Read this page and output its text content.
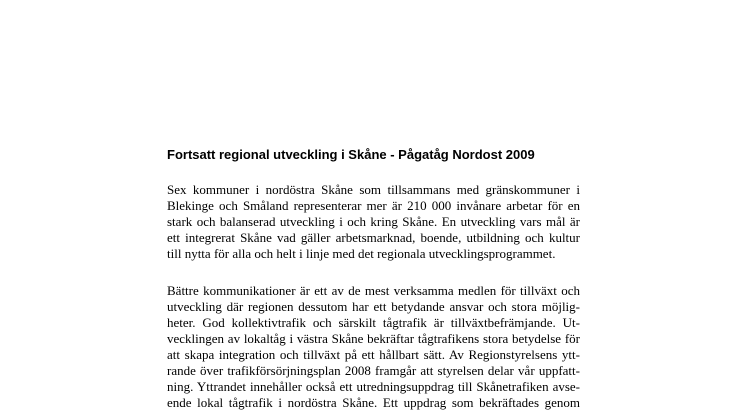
Fortsatt regional utveckling i Skåne - Pågatåg Nordost 2009

Sex kommuner i nordöstra Skåne som tillsammans med gränskommuner i

Blekinge och Småland representerar mer är 210 000 invånare arbetar för en

stark och balanserad utveckling i och kring Skåne. En utveckling vars mål är

ett integrerat Skåne vad gäller arbetsmarknad, boende, utbildning och kultur

till nytta för alla och helt i linje med det regionala utvecklingsprogrammet.

Bättre kommunikationer är ett av de mest verksamma medlen för tillväxt och

utveckling där regionen dessutom har ett betydande ansvar och stora möjlig-

heter. God kollektivtrafik och särskilt tågtrafik är tillväxtbefrämjande. Ut-

vecklingen av lokaltåg i västra Skåne bekräftar tågtrafikens stora betydelse för

att skapa integration och tillväxt på ett hållbart sätt. Av Regionstyrelsens ytt-

rande över trafikförsörjningsplan 2008 framgår att styrelsen delar vår uppfatt-

ning. Yttrandet innehåller också ett utredningsuppdrag till Skånetrafiken avse-

ende lokal tågtrafik i nordöstra Skåne. Ett uppdrag som bekräftades genom
